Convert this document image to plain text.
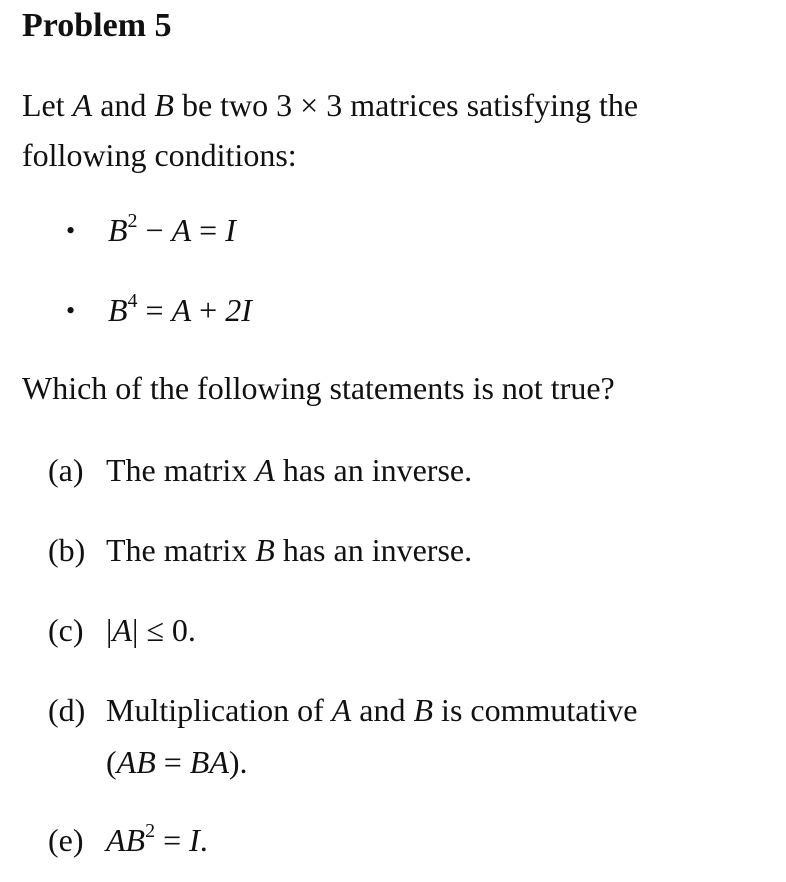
Problem 5
Let A and B be two 3 × 3 matrices satisfying the following conditions:
• $B^2 - A = I$
• $B^4 = A + 2I$
Which of the following statements is not true?
(a) The matrix A has an inverse.
(b) The matrix B has an inverse.
(c) |A| ≤ 0.
(d) Multiplication of A and B is commutative
(AB = BA).
(e) $AB^2 = I$.
